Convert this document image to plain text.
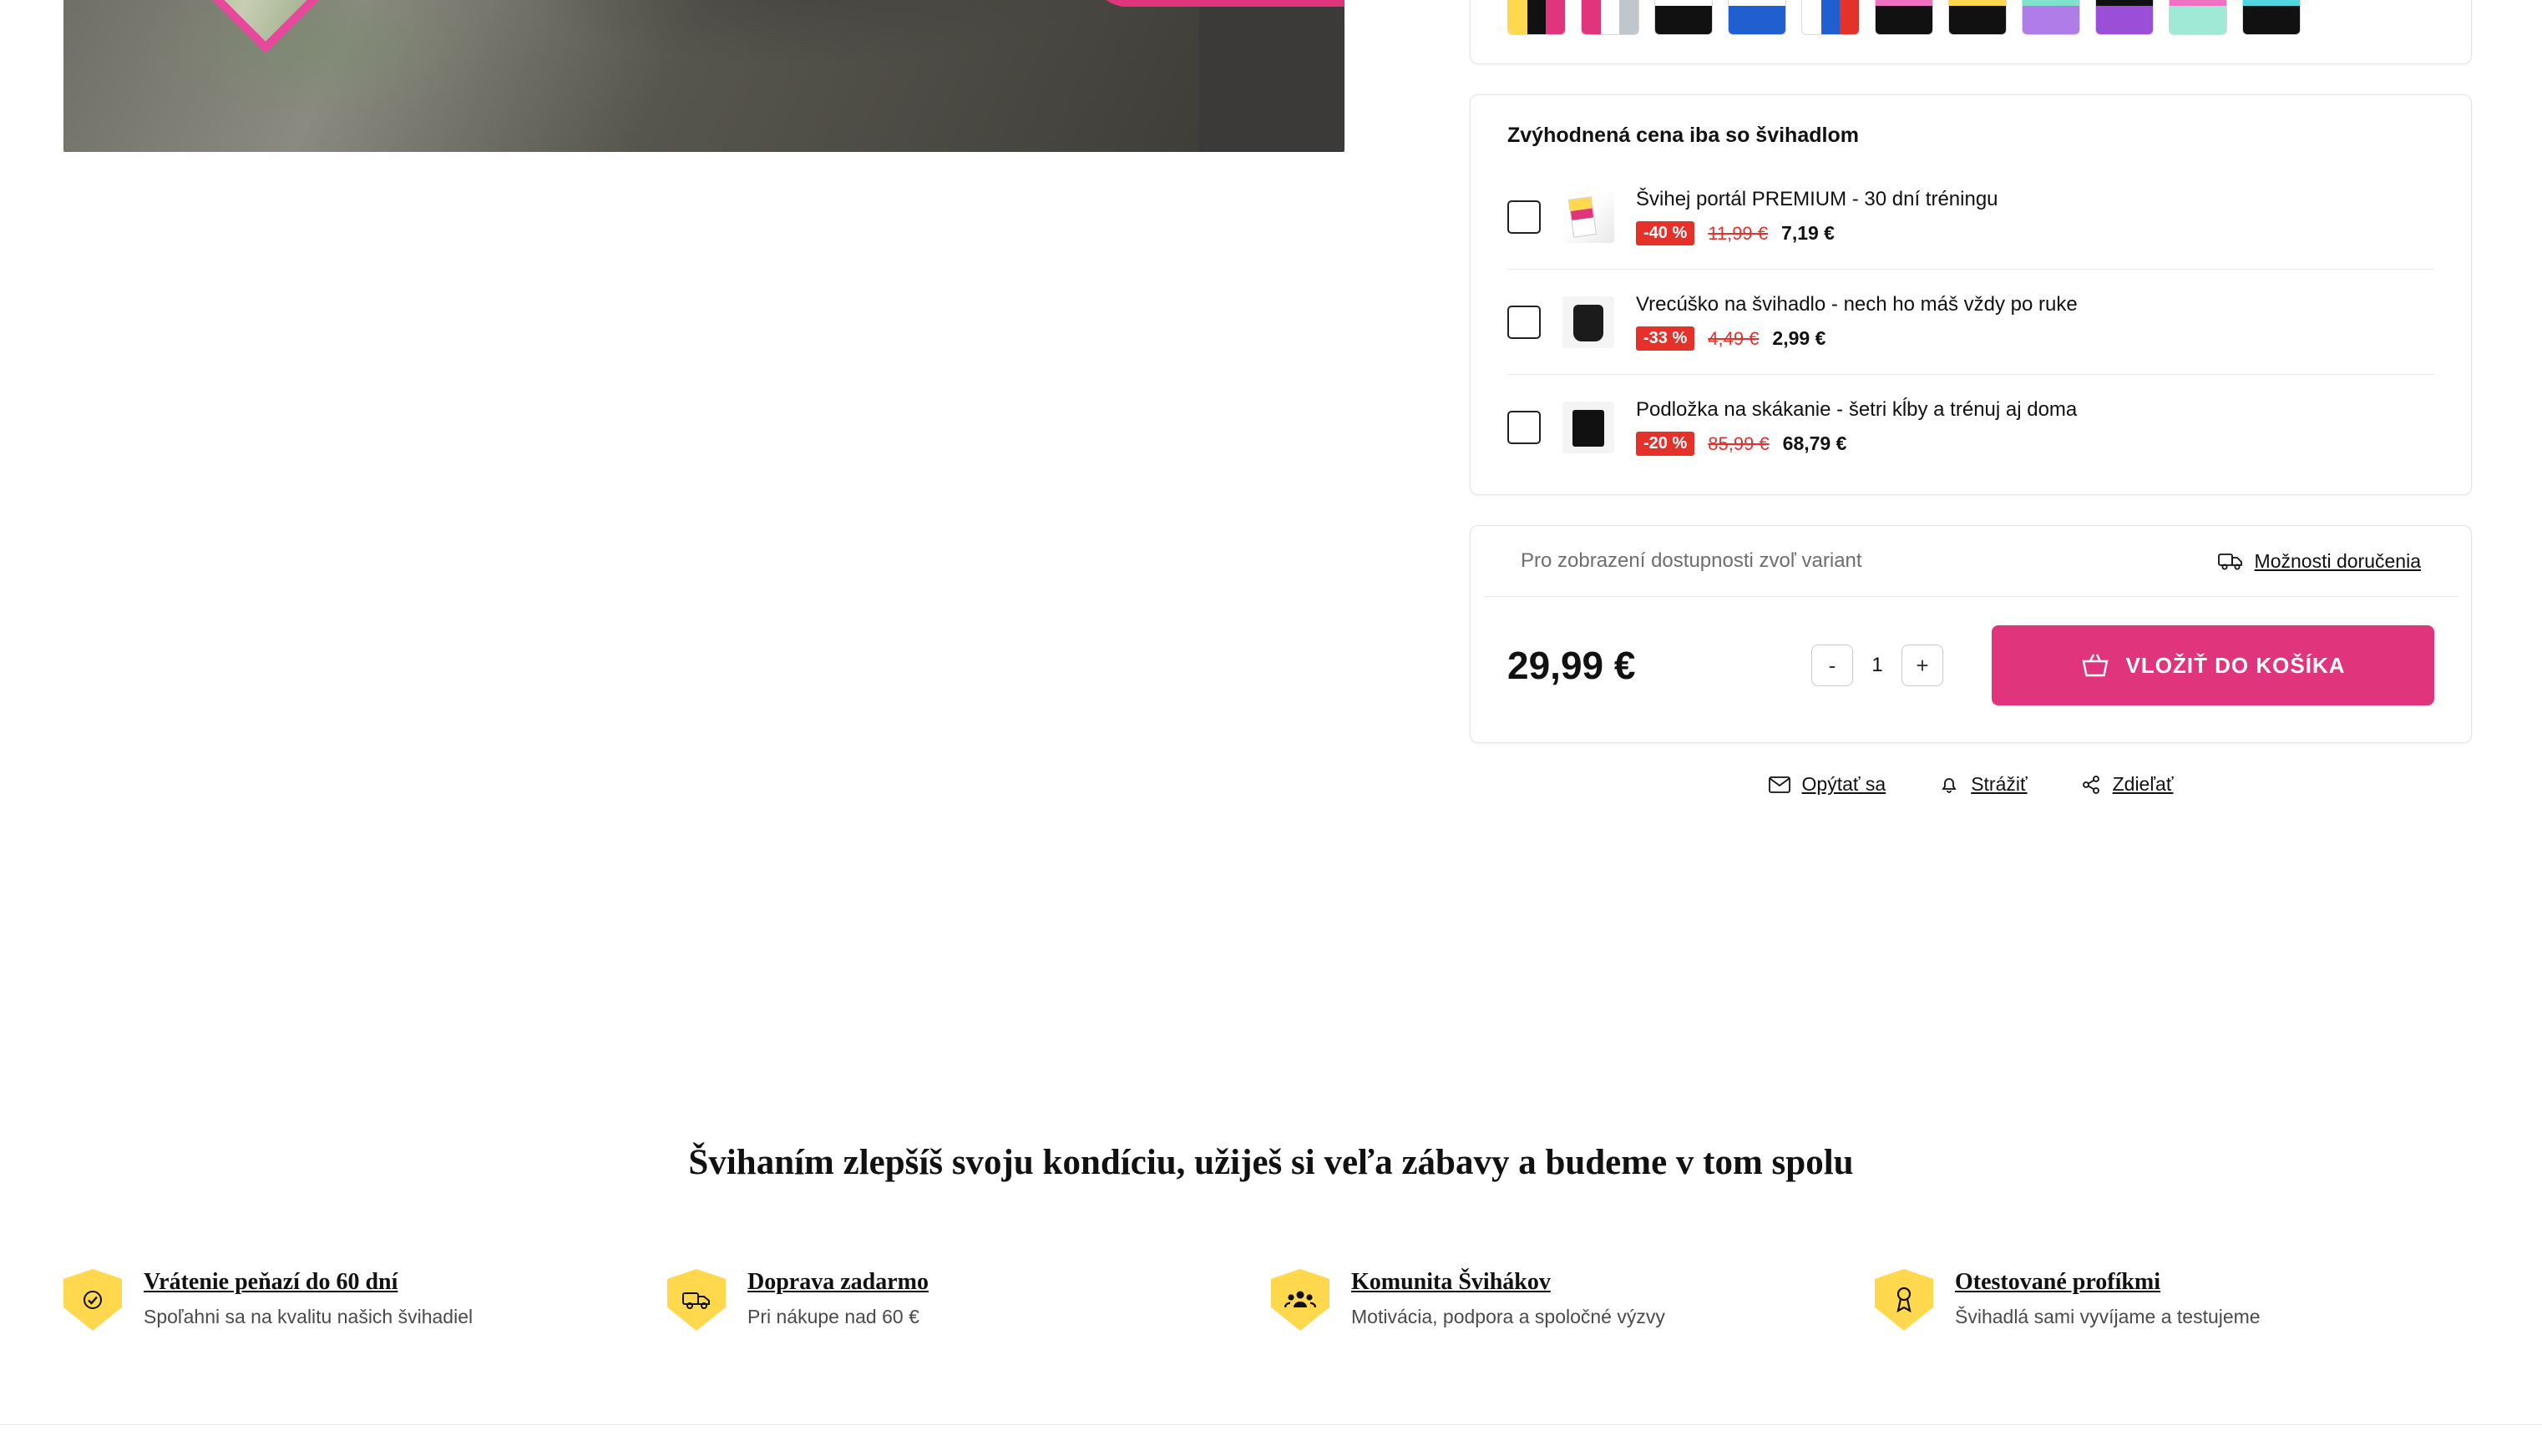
Zvýhodnená cena iba so švihadlom
Švihej portál PREMIUM - 30 dní tréningu
-40 %	11,99 € 7,19 €
Vrecúško na švihadlo - nech ho máš vždy po ruke
-33 %	4,49 € 2,99 €
Podložka na skákanie - šetri kĺby a trénuj aj doma
-20 %	85,99 € 68,79 €
Pro zobrazení dostupnosti zvoľ variant	Možnosti doručenia
29,99 €	-	1	+	VLOŽIŤ DO KOŠÍKA
Opýtať sa	Strážiť	Zdieľať
Švihaním zlepšíš svoju kondíciu, užiješ si veľa zábavy a budeme v tom spolu
Vrátenie peňazí do 60 dní
Spoľahni sa na kvalitu našich švihadiel
Doprava zadarmo
Pri nákupe nad 60 €
Komunita Švihákov
Motivácia, podpora a spoločné výzvy
Otestované profíkmi
Švihadlá sami vyvíjame a testujeme
